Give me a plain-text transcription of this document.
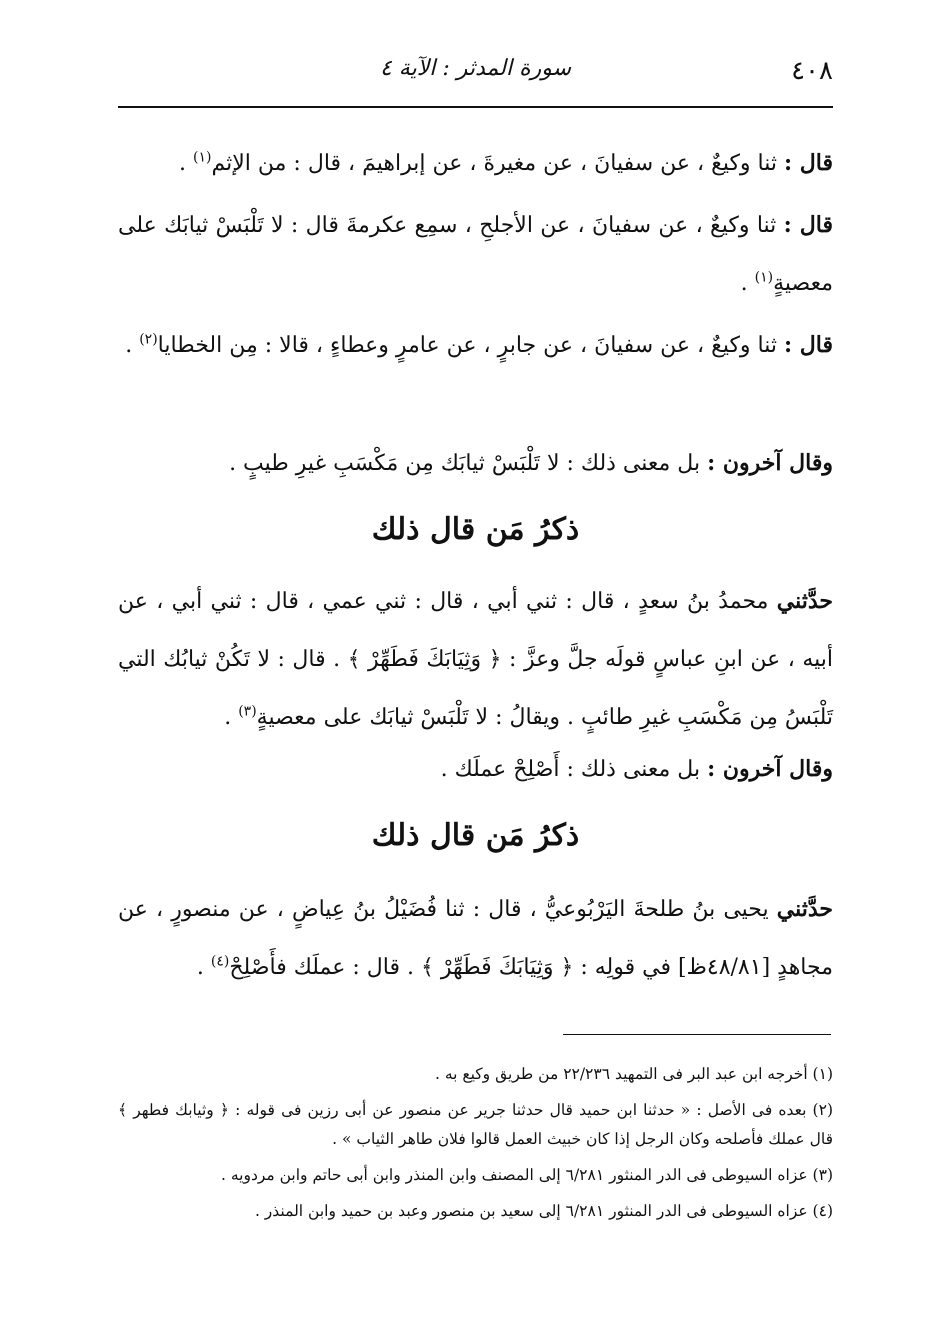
٤٠٨
سورة المدثر : الآية ٤

قال : ثنا وكيعٌ ، عن سفيانَ ، عن مغيرةَ ، عن إبراهيمَ ، قال : من الإثم$^{(١)}$ .

قال : ثنا وكيعٌ ، عن سفيانَ ، عن الأجلحِ ، سمِع عكرمةَ قال : لا تَلْبَسْ ثيابَك على معصيةٍ$^{(١)}$ .

قال : ثنا وكيعٌ ، عن سفيانَ ، عن جابرٍ ، عن عامرٍ وعطاءٍ ، قالا : مِن الخطايا$^{(٢)}$ .

وقال آخرون : بل معنى ذلك : لا تَلْبَسْ ثيابَك مِن مَكْسَبِ غيرِ طيبٍ .

ذكرُ مَن قال ذلك

حدَّثني محمدُ بنُ سعدٍ ، قال : ثني أبي ، قال : ثني عمي ، قال : ثني أبي ، عن أبيه ، عن ابنِ عباسٍ قولَه جلَّ وعزَّ : ﴿ وَثِيَابَكَ فَطَهِّرْ ﴾ . قال : لا تَكُنْ ثيابُك التي تَلْبَسُ مِن مَكْسَبِ غيرِ طائبٍ . ويقالُ : لا تَلْبَسْ ثيابَك على معصيةٍ$^{(٣)}$ .

وقال آخرون : بل معنى ذلك : أَصْلِحْ عملَك .

ذكرُ مَن قال ذلك

حدَّثني يحيى بنُ طلحةَ اليَرْبُوعيُّ ، قال : ثنا فُضَيْلُ بنُ عِياضٍ ، عن منصورٍ ، عن مجاهدٍ [٤٨/٨١ظ] في قولِه : ﴿ وَثِيَابَكَ فَطَهِّرْ ﴾ . قال : عملَك فأَصْلِحْ$^{(٤)}$ .

(١) أخرجه ابن عبد البر فى التمهيد ٢٢/٢٣٦ من طريق وكيع به .

(٢) بعده فى الأصل : « حدثنا ابن حميد قال حدثنا جرير عن منصور عن أبى رزين فى قوله : ﴿ وثيابك فطهر ﴾ قال عملك فأصلحه وكان الرجل إذا كان خبيث العمل قالوا فلان طاهر الثياب » .

(٣) عزاه السيوطى فى الدر المنثور ٦/٢٨١ إلى المصنف وابن المنذر وابن أبى حاتم وابن مردويه .

(٤) عزاه السيوطى فى الدر المنثور ٦/٢٨١ إلى سعيد بن منصور وعبد بن حميد وابن المنذر .
